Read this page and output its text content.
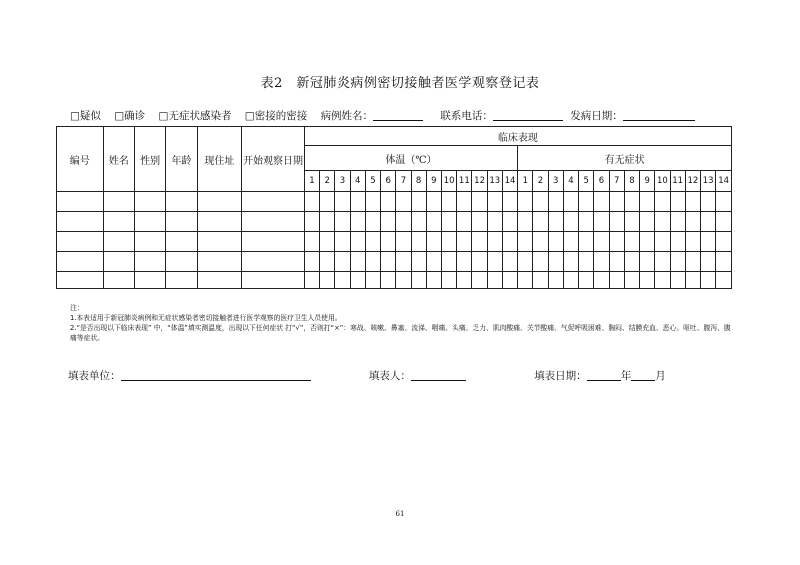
表2　新冠肺炎病例密切接触者医学观察登记表
□疑似 □确诊 □无症状感染者 □密接的密接 病例姓名：	联系电话：	发病日期：
编号	姓名	性别	年龄	现住址	开始观察日期	临床表现																											
						体温（℃）														有无症状													
						1	2	3	4	5	6	7	8	9	10	11	12	13	14	1	2	3	4	5	6	7	8	9	10	11	12	13	14

注：
1.本表适用于新冠肺炎病例和无症状感染者密切接触者进行医学观察的医疗卫生人员使用。
2.“是否出现以下临床表现” 中，“体温”填实测温度，出现以下任何症状 打“√”，否则打“×”：寒战、咳嗽、鼻塞、流涕、咽痛、头痛、乏力、肌肉酸痛、关节酸痛、气促呼吸困难、胸闷、结膜充血、恶心、呕吐、腹泻、腹痛等症状。
填表单位：	填表人：	填表日期：	年 月
61
